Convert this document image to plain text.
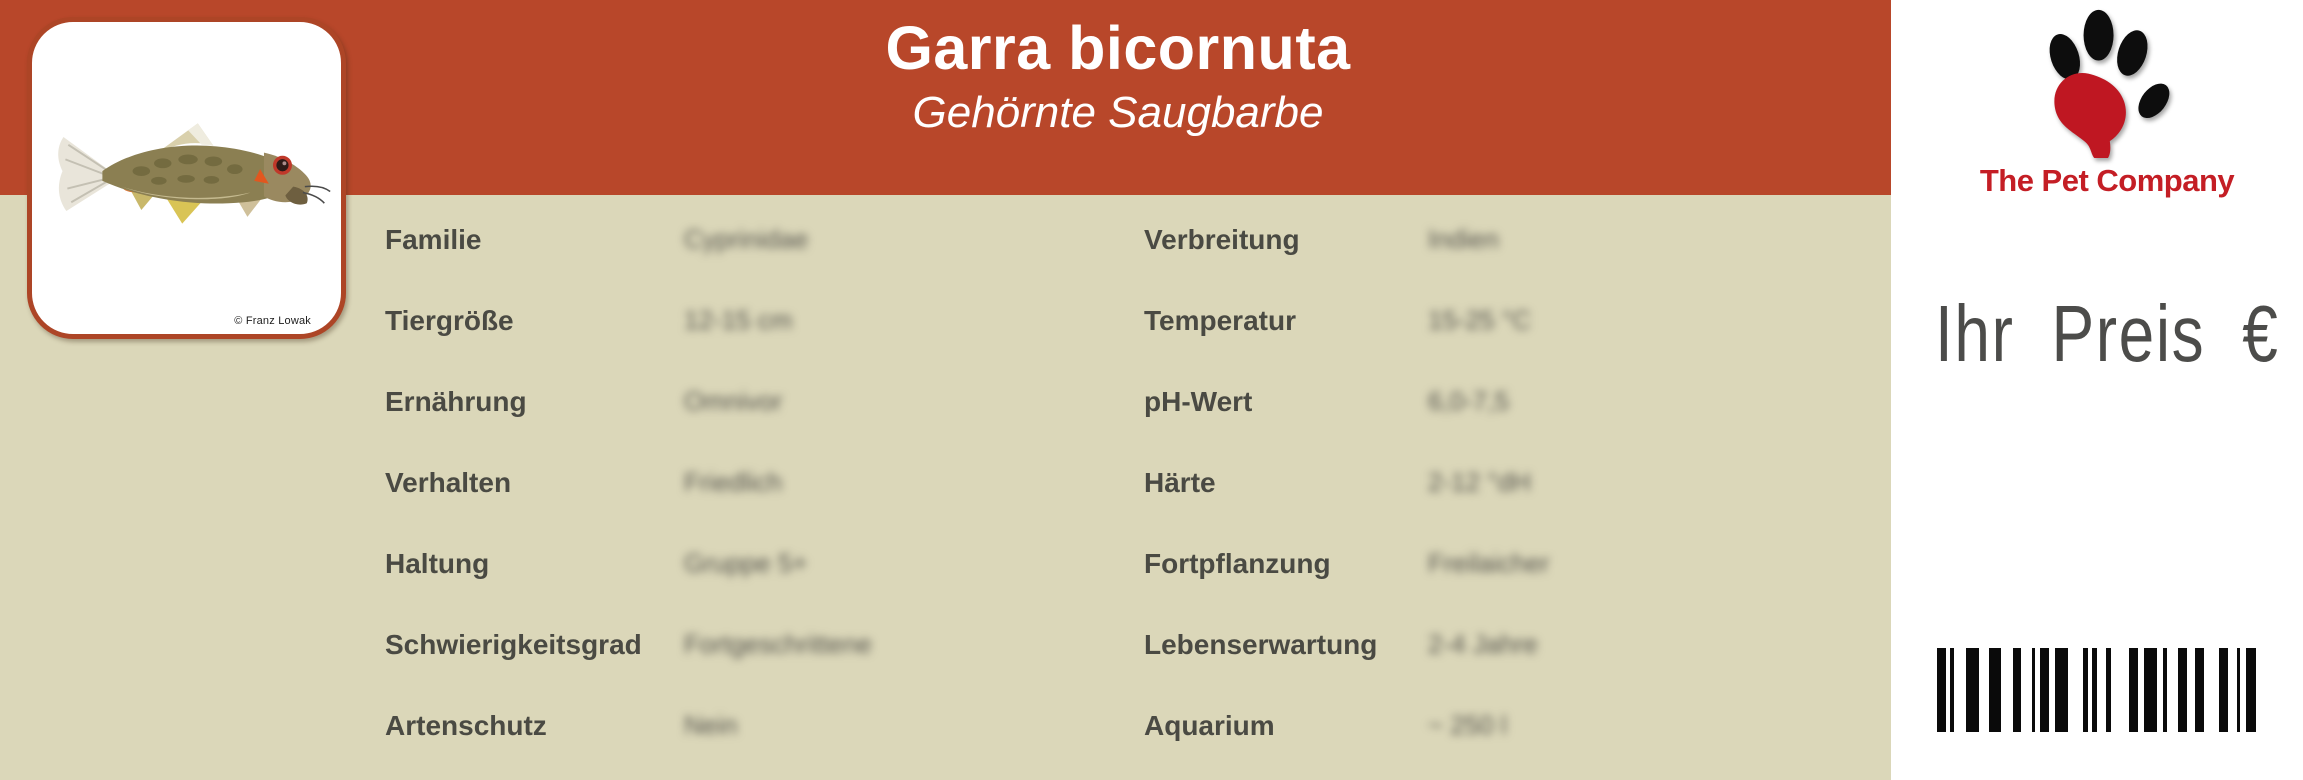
Garra bicornuta
Gehörnte Saugbarbe
© Franz Lowak
Familie	Cyprinidae
Tiergröße	12-15 cm
Ernährung	Omnivor
Verhalten	Friedlich
Haltung	Gruppe 5+
Schwierigkeitsgrad	Fortgeschrittene
Artenschutz	Nein
Verbreitung	Indien
Temperatur	15-25 °C
pH-Wert	6,0-7,5
Härte	2-12 °dH
Fortpflanzung	Freilaicher
Lebenserwartung	2-4 Jahre
Aquarium	~ 250 l
The Pet Company
Ihr Preis €
